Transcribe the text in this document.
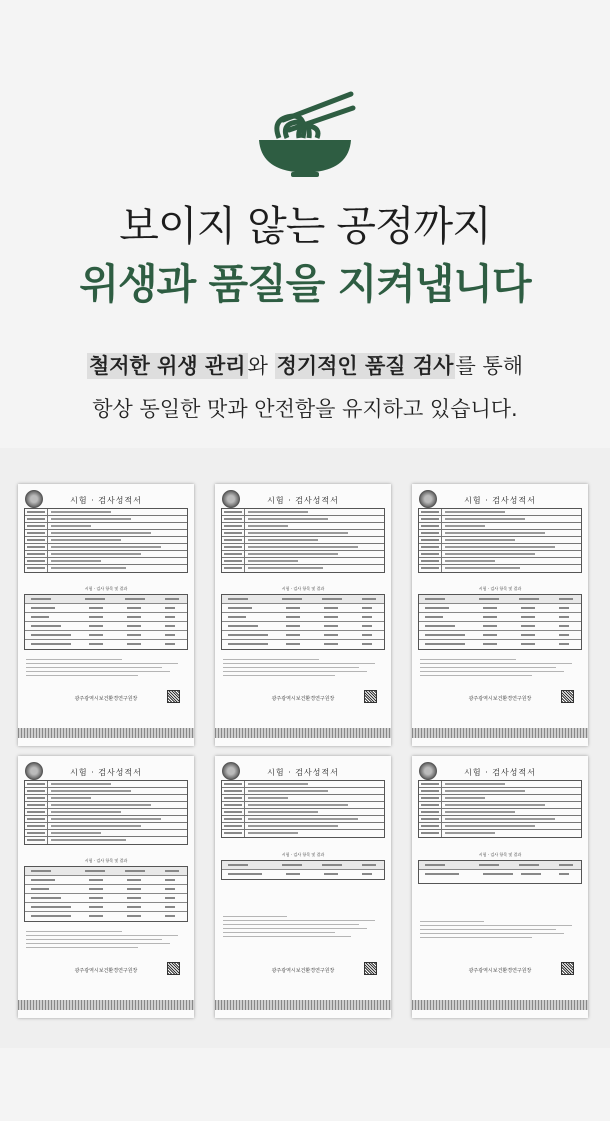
보이지 않는 공정까지
위생과 품질을 지켜냅니다
철저한 위생 관리와 정기적인 품질 검사를 통해
항상 동일한 맛과 안전함을 유지하고 있습니다.
시험 · 검사성적서
시험 · 검사 항목 및 결과
광주광역시보건환경연구원장
시험 · 검사성적서
시험 · 검사 항목 및 결과
광주광역시보건환경연구원장
시험 · 검사성적서
시험 · 검사 항목 및 결과
광주광역시보건환경연구원장
시험 · 검사성적서
시험 · 검사 항목 및 결과
광주광역시보건환경연구원장
시험 · 검사성적서
시험 · 검사 항목 및 결과
광주광역시보건환경연구원장
시험 · 검사성적서
시험 · 검사 항목 및 결과
광주광역시보건환경연구원장
